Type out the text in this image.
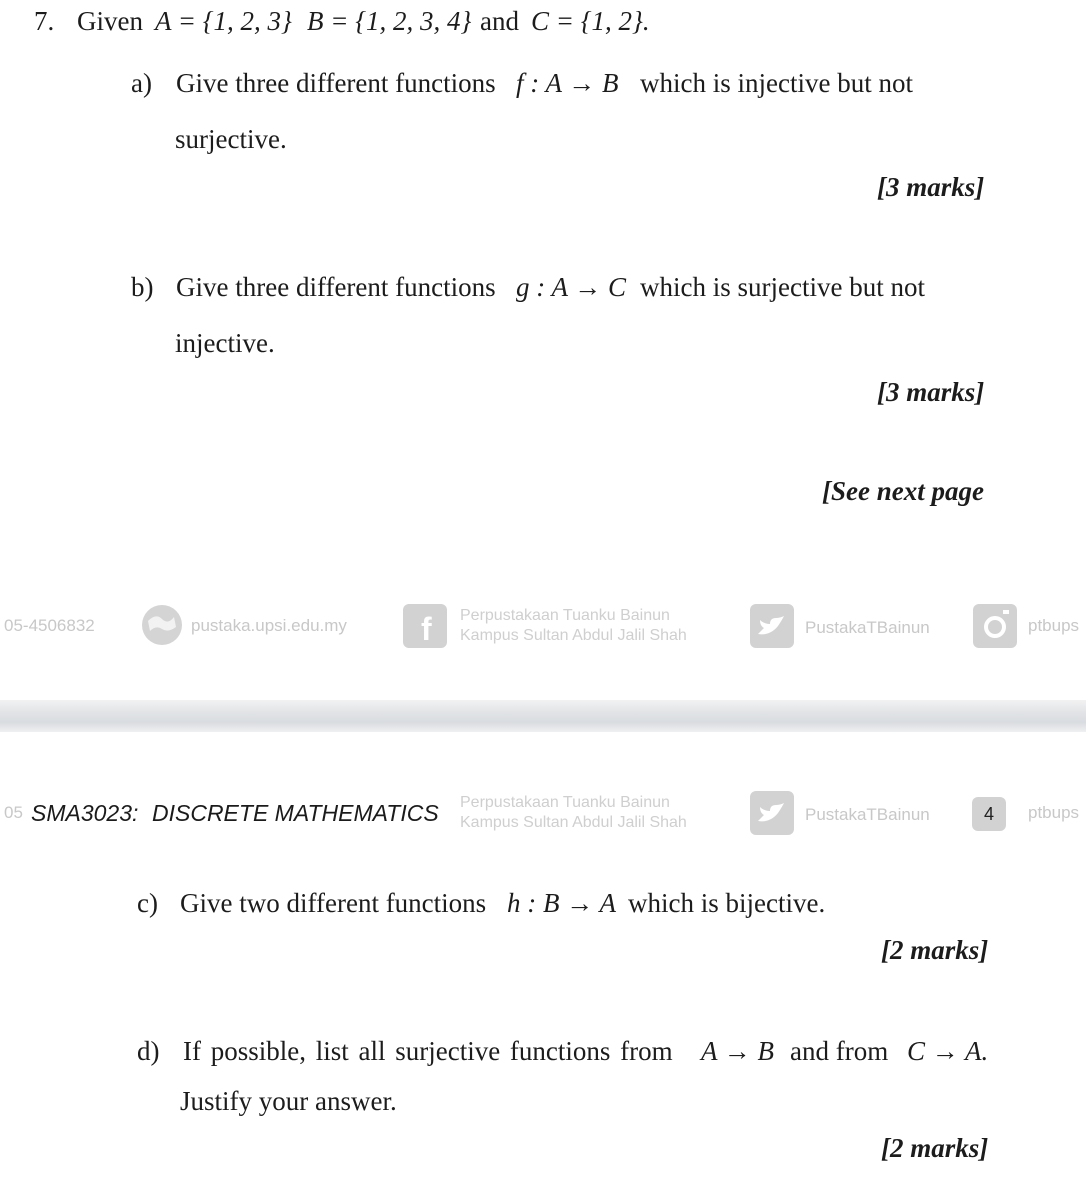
7. Given A = {1, 2, 3} B = {1, 2, 3, 4} and C = {1, 2}.
a) Give three different functions f : A → B which is injective but not
surjective.
[3 marks]
b) Give three different functions g : A → C which is surjective but not
injective.
[3 marks]
[See next page
05-4506832	pustaka.upsi.edu.my f Perpustakaan Tuanku Bainun
Kampus Sultan Abdul Jalil Shah	PustakaTBainun	ptbups
05 SMA3023: DISCRETE MATHEMATICS Perpustakaan Tuanku Bainun
Kampus Sultan Abdul Jalil Shah	PustakaTBainun	4	ptbups
c) Give two different functions h : B → A which is bijective.
[2 marks]
d) If possible, list all surjective functions from A → B and from C → A.
Justify your answer.
[2 marks]
